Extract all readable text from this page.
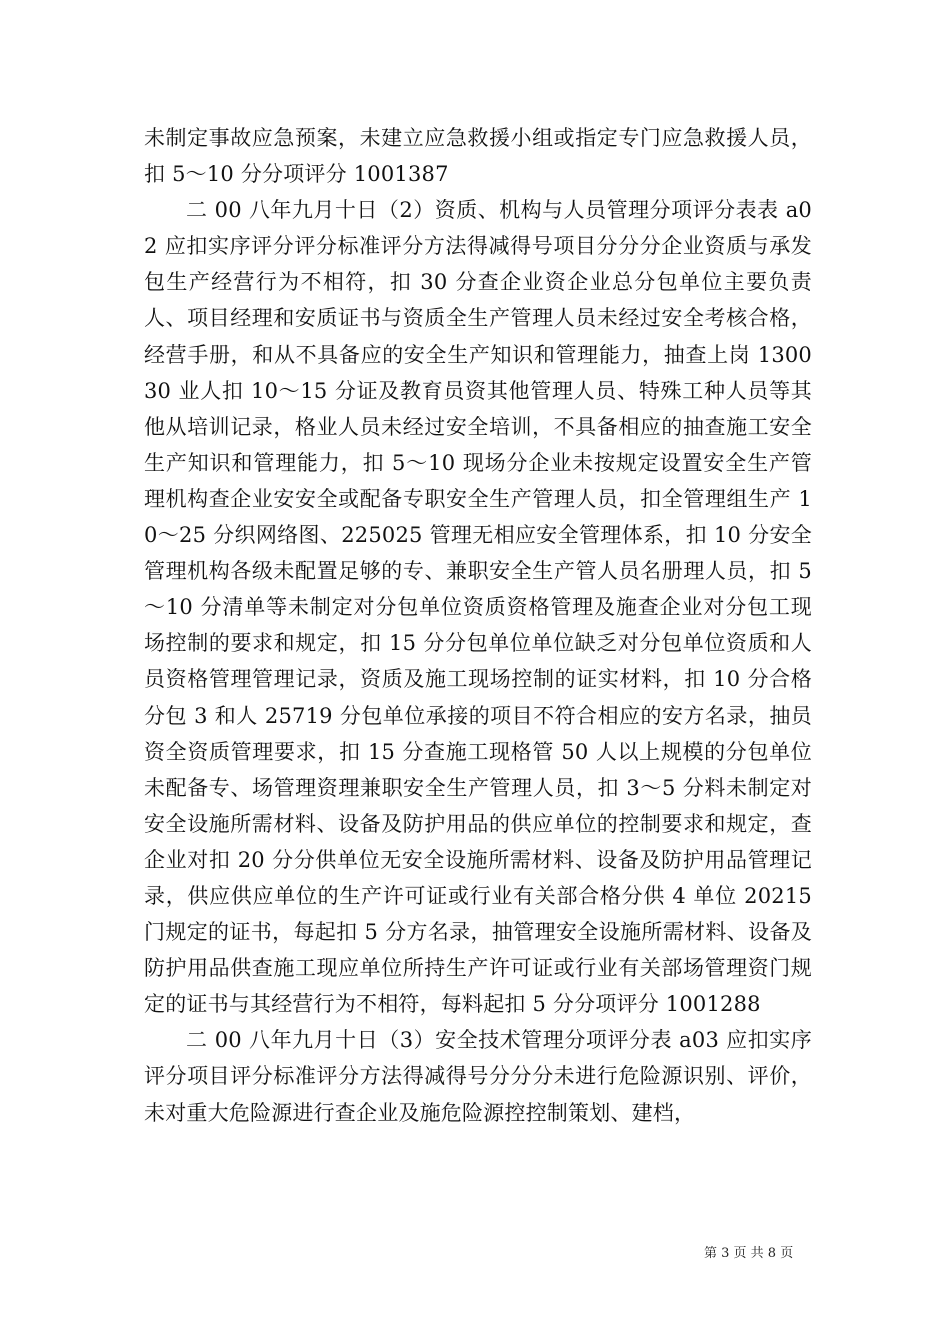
未制定事故应急预案，未建立应急救援小组或指定专门应急救援人员，扣 5～10 分分项评分 1001387

二 00 八年九月十日（2）资质、机构与人员管理分项评分表表 a02 应扣实序评分评分标准评分方法得减得号项目分分分企业资质与承发包生产经营行为不相符，扣 30 分查企业资企业总分包单位主要负责人、项目经理和安质证书与资质全生产管理人员未经过安全考核合格，经营手册，和从不具备应的安全生产知识和管理能力，抽查上岗 130030 业人扣 10～15 分证及教育员资其他管理人员、特殊工种人员等其他从培训记录，格业人员未经过安全培训，不具备相应的抽查施工安全生产知识和管理能力，扣 5～10 现场分企业未按规定设置安全生产管理机构查企业安安全或配备专职安全生产管理人员，扣全管理组生产 10～25 分织网络图、225025 管理无相应安全管理体系，扣 10 分安全管理机构各级未配置足够的专、兼职安全生产管人员名册理人员，扣 5～10 分清单等未制定对分包单位资质资格管理及施查企业对分包工现场控制的要求和规定，扣 15 分分包单位单位缺乏对分包单位资质和人员资格管理管理记录，资质及施工现场控制的证实材料，扣 10 分合格分包 3 和人 25719 分包单位承接的项目不符合相应的安方名录，抽员资全资质管理要求，扣 15 分查施工现格管 50 人以上规模的分包单位未配备专、场管理资理兼职安全生产管理人员，扣 3～5 分料未制定对安全设施所需材料、设备及防护用品的供应单位的控制要求和规定，查企业对扣 20 分分供单位无安全设施所需材料、设备及防护用品管理记录，供应供应单位的生产许可证或行业有关部合格分供 4 单位 20215 门规定的证书，每起扣 5 分方名录，抽管理安全设施所需材料、设备及防护用品供查施工现应单位所持生产许可证或行业有关部场管理资门规定的证书与其经营行为不相符，每料起扣 5 分分项评分 1001288

二 00 八年九月十日（3）安全技术管理分项评分表 a03 应扣实序评分项目评分标准评分方法得减得号分分分未进行危险源识别、评价，未对重大危险源进行查企业及施危险源控控制策划、建档，

第 3 页 共 8 页
